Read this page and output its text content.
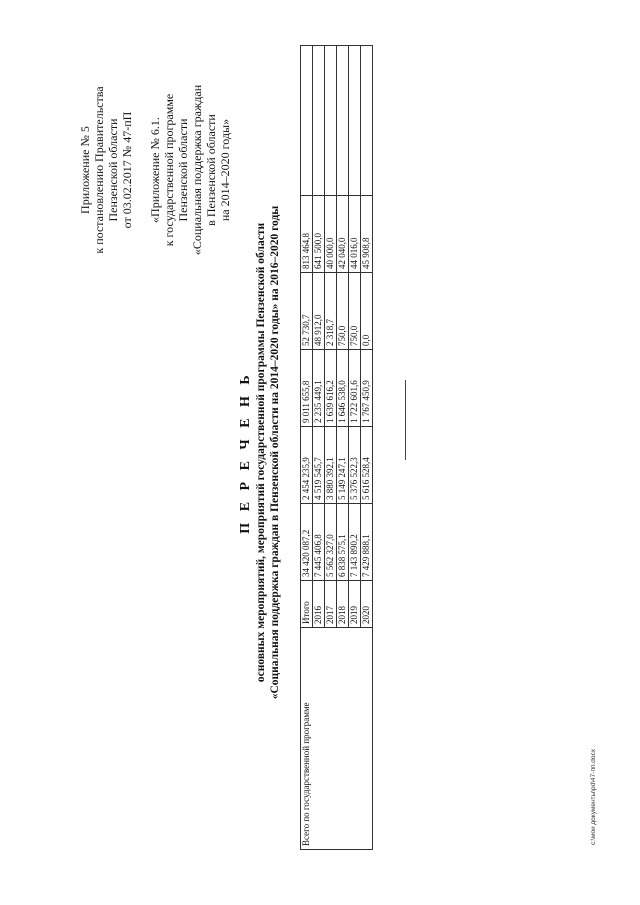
Приложение № 5 к постановлению Правительства Пензенской области от 03.02.2017 № 47-пП «Приложение № 6.1. к государственной программе Пензенской области «Социальная поддержка граждан в Пензенской области на 2014–2020 годы»
П Е Р Е Ч Е Н Ь основных мероприятий, мероприятий государственной программы Пензенской области «Социальная поддержка граждан в Пензенской области на 2014–2020 годы» на 2016–2020 годы
Всего по государственной программе	Итого	34 420 087,2	2 454 235,9	9 011 655,8	52 730,7	813 464,8	
	2016	7 445 406,8	4 519 545,7	2 235 449,1	48 912,0	641 500,0	
	2017	5 562 327,0	3 880 392,1	1 639 616,2	2 318,7	40 000,0	
	2018	6 838 575,1	5 149 247,1	1 646 538,0	750,0	42 040,0	
	2019	7 143 890,2	5 376 522,3	1 722 601,6	750,0	44 016,0	
	2020	7 429 888,1	5 616 528,4	1 767 450,9	0,0	45 908,8	
c:\мои документы\pd\47-пп.docx
